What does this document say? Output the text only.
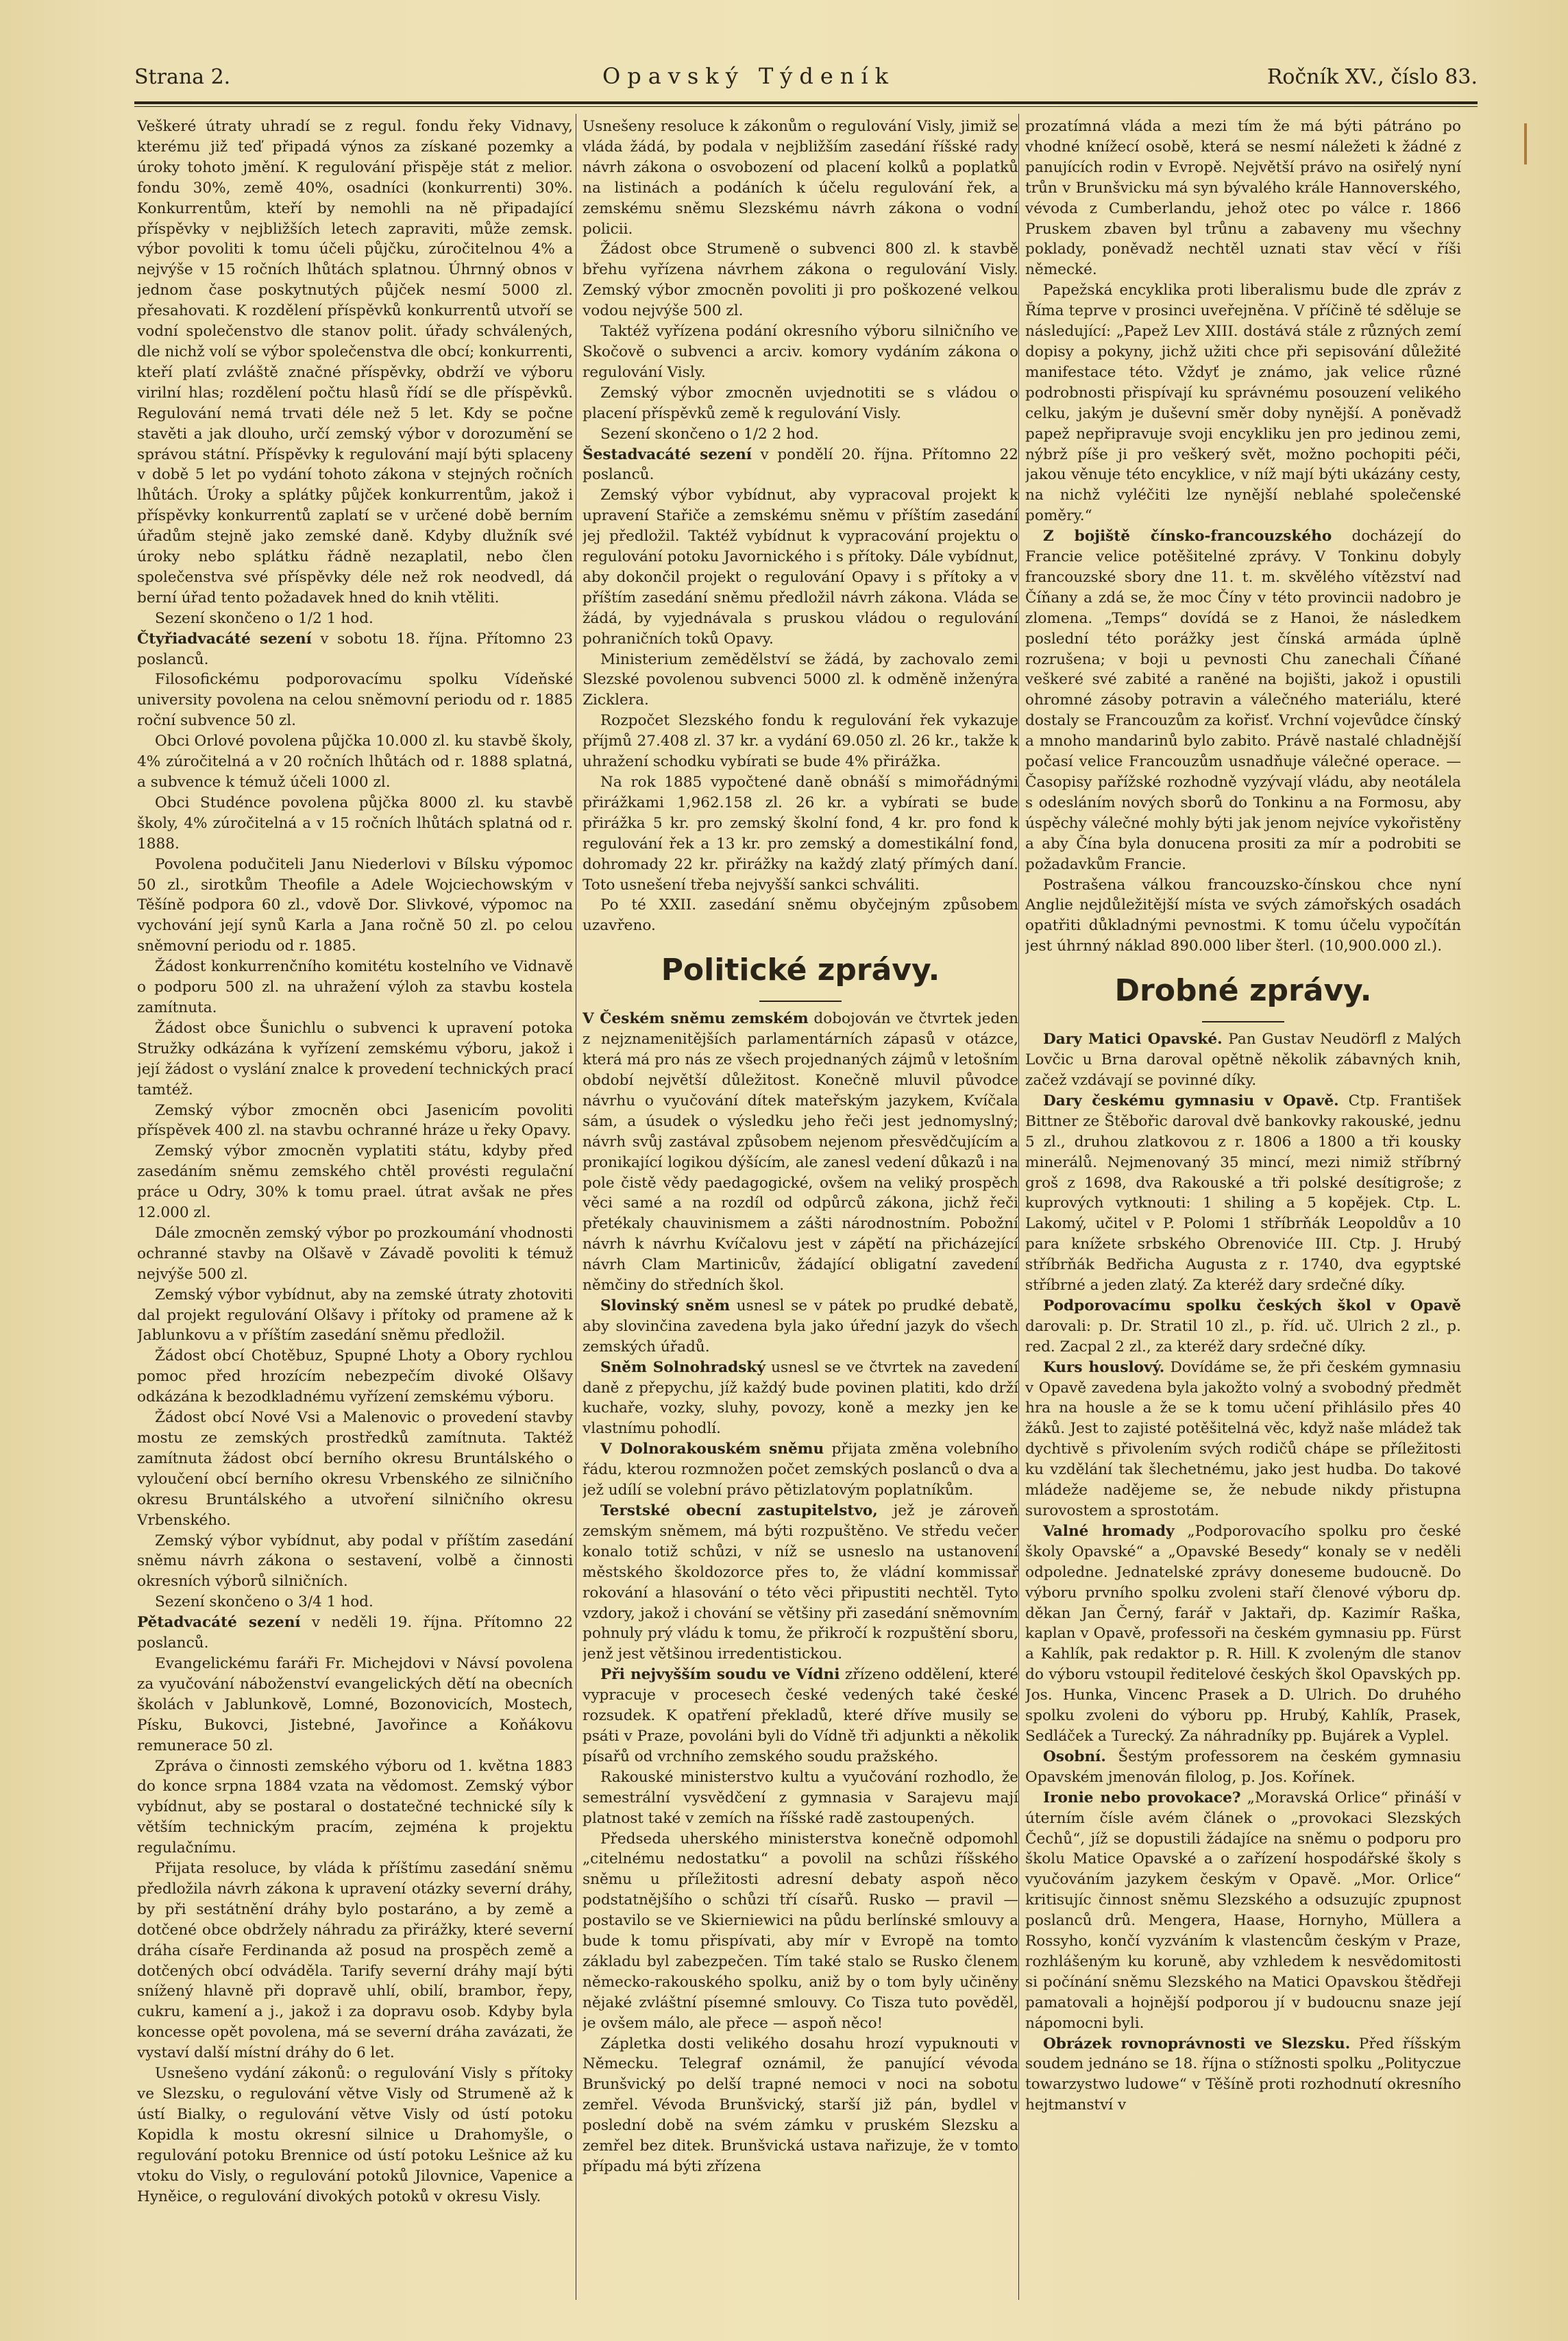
Strana 2.	Opavský Týdeník	Ročník XV., číslo 83.

Veškeré útraty uhradí se z regul. fondu řeky Vidnavy, kterému již teď připadá výnos za získané pozemky a úroky tohoto jmění. K regulování přispěje stát z melior. fondu 30%, země 40%, osadníci (konkurrenti) 30%. Konkurrentům, kteří by nemohli na ně připadající příspěvky v nejbližších letech zapraviti, může zemsk. výbor povoliti k tomu účeli půjčku, zúročitelnou 4% a nejvýše v 15 ročních lhůtách splatnou. Úhrnný obnos v jednom čase poskytnutých půjček nesmí 5000 zl. přesahovati. K rozdělení příspěvků konkurrentů utvoří se vodní společenstvo dle stanov polit. úřady schválených, dle nichž volí se výbor společenstva dle obcí; konkurrenti, kteří platí zvláště značné příspěvky, obdrží ve výboru virilní hlas; rozdělení počtu hlasů řídí se dle příspěvků. Regulování nemá trvati déle než 5 let. Kdy se počne stavěti a jak dlouho, určí zemský výbor v dorozumění se správou státní. Příspěvky k regulování mají býti splaceny v době 5 let po vydání tohoto zákona v stejných ročních lhůtách. Úroky a splátky půjček konkurrentům, jakož i příspěvky konkurrentů zaplatí se v určené době berním úřadům stejně jako zemské daně. Kdyby dlužník své úroky nebo splátku řádně nezaplatil, nebo člen společenstva své příspěvky déle než rok neodvedl, dá berní úřad tento požadavek hned do knih vtěliti.

Sezení skončeno o 1/2 1 hod.

Čtyřiadvacáté sezení v sobotu 18. října. Přítomno 23 poslanců.

Filosofickému podporovacímu spolku Vídeňské university povolena na celou sněmovní periodu od r. 1885 roční subvence 50 zl.

Obci Orlové povolena půjčka 10.000 zl. ku stavbě školy, 4% zúročitelná a v 20 ročních lhůtách od r. 1888 splatná, a subvence k témuž účeli 1000 zl.

Obci Studénce povolena půjčka 8000 zl. ku stavbě školy, 4% zúročitelná a v 15 ročních lhůtách splatná od r. 1888.

Povolena podučiteli Janu Niederlovi v Bílsku výpomoc 50 zl., sirotkům Theofile a Adele Wojciechowským v Těšíně podpora 60 zl., vdově Dor. Slivkové, výpomoc na vychování její synů Karla a Jana ročně 50 zl. po celou sněmovní periodu od r. 1885.

Žádost konkurrenčního komitétu kostelního ve Vidnavě o podporu 500 zl. na uhražení výloh za stavbu kostela zamítnuta.

Žádost obce Šunichlu o subvenci k upravení potoka Stružky odkázána k vyřízení zemskému výboru, jakož i její žádost o vyslání znalce k provedení technických prací tamtéž.

Zemský výbor zmocněn obci Jasenicím povoliti příspěvek 400 zl. na stavbu ochranné hráze u řeky Opavy.

Zemský výbor zmocněn vyplatiti státu, kdyby před zasedáním sněmu zemského chtěl provésti regulační práce u Odry, 30% k tomu prael. útrat avšak ne přes 12.000 zl.

Dále zmocněn zemský výbor po prozkoumání vhodnosti ochranné stavby na Olšavě v Závadě povoliti k témuž nejvýše 500 zl.

Zemský výbor vybídnut, aby na zemské útraty zhotoviti dal projekt regulování Olšavy i přítoky od pramene až k Jablunkovu a v příštím zasedání sněmu předložil.

Žádost obcí Chotěbuz, Spupné Lhoty a Obory rychlou pomoc před hrozícím nebezpečím divoké Olšavy odkázána k bezodkladnému vyřízení zemskému výboru.

Žádost obcí Nové Vsi a Malenovic o provedení stavby mostu ze zemských prostředků zamítnuta. Taktéž zamítnuta žádost obcí berního okresu Bruntálského o vyloučení obcí berního okresu Vrbenského ze silničního okresu Bruntálského a utvoření silničního okresu Vrbenského.

Zemský výbor vybídnut, aby podal v příštím zasedání sněmu návrh zákona o sestavení, volbě a činnosti okresních výborů silničních.

Sezení skončeno o 3/4 1 hod.

Pětadvacáté sezení v neděli 19. října. Přítomno 22 poslanců.

Evangelickému faráři Fr. Michejdovi v Návsí povolena za vyučování náboženství evangelických dětí na obecních školách v Jablunkově, Lomné, Bozonovicích, Mostech, Písku, Bukovci, Jistebné, Javořince a Koňákovu remunerace 50 zl.

Zpráva o činnosti zemského výboru od 1. května 1883 do konce srpna 1884 vzata na vědomost. Zemský výbor vybídnut, aby se postaral o dostatečné technické síly k větším technickým pracím, zejména k projektu regulačnímu.

Přijata resoluce, by vláda k příštímu zasedání sněmu předložila návrh zákona k upravení otázky severní dráhy, by při sestátnění dráhy bylo postaráno, a by země a dotčené obce obdržely náhradu za přirážky, které severní dráha císaře Ferdinanda až posud na prospěch země a dotčených obcí odváděla. Tarify severní dráhy mají býti snížený hlavně při dopravě uhlí, obilí, brambor, řepy, cukru, kamení a j., jakož i za dopravu osob. Kdyby byla koncesse opět povolena, má se severní dráha zavázati, že vystaví další místní dráhy do 6 let.

Usnešeno vydání zákonů: o regulování Visly s přítoky ve Slezsku, o regulování větve Visly od Strumeně až k ústí Bialky, o regulování větve Visly od ústí potoku Kopidla k mostu okresní silnice u Drahomyšle, o regulování potoku Brennice od ústí potoku Lešnice až ku vtoku do Visly, o regulování potoků Jilovnice, Vapenice a Hyněice, o regulování divokých potoků v okresu Visly.

Usnešeny resoluce k zákonům o regulování Visly, jimiž se vláda žádá, by podala v nejbližším zasedání říšské rady návrh zákona o osvobození od placení kolků a poplatků na listinách a podáních k účelu regulování řek, a zemskému sněmu Slezskému návrh zákona o vodní policii.

Žádost obce Strumeně o subvenci 800 zl. k stavbě břehu vyřízena návrhem zákona o regulování Visly. Zemský výbor zmocněn povoliti ji pro poškozené velkou vodou nejvýše 500 zl.

Taktéž vyřízena podání okresního výboru silničního ve Skočově o subvenci a arciv. komory vydáním zákona o regulování Visly.

Zemský výbor zmocněn uvjednotiti se s vládou o placení příspěvků země k regulování Visly.

Sezení skončeno o 1/2 2 hod.

Šestadvacáté sezení v pondělí 20. října. Přítomno 22 poslanců.

Zemský výbor vybídnut, aby vypracoval projekt k upravení Stařiče a zemskému sněmu v příštím zasedání jej předložil. Taktéž vybídnut k vypracování projektu o regulování potoku Javornického i s přítoky. Dále vybídnut, aby dokončil projekt o regulování Opavy i s přítoky a v příštím zasedání sněmu předložil návrh zákona. Vláda se žádá, by vyjednávala s pruskou vládou o regulování pohraničních toků Opavy.

Ministerium zemědělství se žádá, by zachovalo zemi Slezské povolenou subvenci 5000 zl. k odměně inženýra Zicklera.

Rozpočet Slezského fondu k regulování řek vykazuje příjmů 27.408 zl. 37 kr. a vydání 69.050 zl. 26 kr., takže k uhražení schodku vybírati se bude 4% přirážka.

Na rok 1885 vypočtené daně obnáší s mimořádnými přirážkami 1,962.158 zl. 26 kr. a vybírati se bude přirážka 5 kr. pro zemský školní fond, 4 kr. pro fond k regulování řek a 13 kr. pro zemský a domestikální fond, dohromady 22 kr. přirážky na každý zlatý přímých daní. Toto usnešení třeba nejvyšší sankci schváliti.

Po té XXII. zasedání sněmu obyčejným způsobem uzavřeno.

Politické zprávy.

V Českém sněmu zemském dobojován ve čtvrtek jeden z nejznamenitějších parlamentárních zápasů v otázce, která má pro nás ze všech projednaných zájmů v letošním období největší důležitost. Konečně mluvil původce návrhu o vyučování dítek mateřským jazykem, Kvíčala sám, a úsudek o výsledku jeho řeči jest jednomyslný; návrh svůj zastával způsobem nejenom přesvědčujícím a pronikající logikou dýšícím, ale zanesl vedení důkazů i na pole čistě vědy paedagogické, ovšem na veliký prospěch věci samé a na rozdíl od odpůrců zákona, jichž řeči přetékaly chauvinismem a zášti národnostním. Pobožní návrh k návrhu Kvíčalovu jest v zápětí na přicházející návrh Clam Martinicův, žádající obligatní zavedení němčiny do středních škol.

Slovinský sněm usnesl se v pátek po prudké debatě, aby slovinčina zavedena byla jako úřední jazyk do všech zemských úřadů.

Sněm Solnohradský usnesl se ve čtvrtek na zavedení daně z přepychu, jíž každý bude povinen platiti, kdo drží kuchaře, vozky, sluhy, povozy, koně a mezky jen ke vlastnímu pohodlí.

V Dolnorakouském sněmu přijata změna volebního řádu, kterou rozmnožen počet zemských poslanců o dva a jež udílí se volební právo pětizlatovým poplatníkům.

Terstské obecní zastupitelstvo, jež je zároveň zemským sněmem, má býti rozpuštěno. Ve středu večer konalo totiž schůzi, v níž se usneslo na ustanovení městského školdozorce přes to, že vládní kommissař rokování a hlasování o této věci připustiti nechtěl. Tyto vzdory, jakož i chování se většiny při zasedání sněmovním pohnuly prý vládu k tomu, že přikročí k rozpuštění sboru, jenž jest většinou irredentistickou.

Při nejvyšším soudu ve Vídni zřízeno oddělení, které vypracuje v procesech české vedených také české rozsudek. K opatření překladů, které dříve musily se psáti v Praze, povoláni byli do Vídně tři adjunkti a několik písařů od vrchního zemského soudu pražského.

Rakouské ministerstvo kultu a vyučování rozhodlo, že semestrální vysvědčení z gymnasia v Sarajevu mají platnost také v zemích na říšské radě zastoupených.

Předseda uherského ministerstva konečně odpomohl „citelnému nedostatku“ a povolil na schůzi říšského sněmu u příležitosti adresní debaty aspoň něco podstatnějšího o schůzi tří císařů. Rusko — pravil — postavilo se ve Skierniewici na půdu berlínské smlouvy a bude k tomu přispívati, aby mír v Evropě na tomto základu byl zabezpečen. Tím také stalo se Rusko členem německo-rakouského spolku, aniž by o tom byly učiněny nějaké zvláštní písemné smlouvy. Co Tisza tuto pověděl, je ovšem málo, ale přece — aspoň něco!

Zápletka dosti velikého dosahu hrozí vypuknouti v Německu. Telegraf oznámil, že panující vévoda Brunšvický po delší trapné nemoci v noci na sobotu zemřel. Vévoda Brunšvický, starší již pán, bydlel v poslední době na svém zámku v pruském Slezsku a zemřel bez ditek. Brunšvická ustava nařizuje, že v tomto případu má býti zřízena

prozatímná vláda a mezi tím že má býti pátráno po vhodné knížecí osobě, která se nesmí náležeti k žádné z panujících rodin v Evropě. Největší právo na osiřelý nyní trůn v Brunšvicku má syn bývalého krále Hannoverského, vévoda z Cumberlandu, jehož otec po válce r. 1866 Pruskem zbaven byl trůnu a zabaveny mu všechny poklady, poněvadž nechtěl uznati stav věcí v říši německé.

Papežská encyklika proti liberalismu bude dle zpráv z Říma teprve v prosinci uveřejněna. V příčině té sděluje se následující: „Papež Lev XIII. dostává stále z různých zemí dopisy a pokyny, jichž užiti chce při sepisování důležité manifestace této. Vždyť je známo, jak velice různé podrobnosti přispívají ku správnému posouzení velikého celku, jakým je duševní směr doby nynější. A poněvadž papež nepřipravuje svoji encykliku jen pro jedinou zemi, nýbrž píše ji pro veškerý svět, možno pochopiti péči, jakou věnuje této encyklice, v níž mají býti ukázány cesty, na nichž vyléčiti lze nynější neblahé společenské poměry.“

Z bojiště čínsko-francouzského docházejí do Francie velice potěšitelné zprávy. V Tonkinu dobyly francouzské sbory dne 11. t. m. skvělého vítězství nad Číňany a zdá se, že moc Číny v této provincii nadobro je zlomena. „Temps“ dovídá se z Hanoi, že následkem poslední této porážky jest čínská armáda úplně rozrušena; v boji u pevnosti Chu zanechali Číňané veškeré své zabité a raněné na bojišti, jakož i opustili ohromné zásoby potravin a válečného materiálu, které dostaly se Francouzům za kořisť. Vrchní vojevůdce čínský a mnoho mandarinů bylo zabito. Právě nastalé chladnější počasí velice Francouzům usnadňuje válečné operace. — Časopisy pařížské rozhodně vyzývají vládu, aby neotálela s odesláním nových sborů do Tonkinu a na Formosu, aby úspěchy válečné mohly býti jak jenom nejvíce vykořistěny a aby Čína byla donucena prositi za mír a podrobiti se požadavkům Francie.

Postrašena válkou francouzsko-čínskou chce nyní Anglie nejdůležitější místa ve svých zámořských osadách opatřiti důkladnými pevnostmi. K tomu účelu vypočítán jest úhrnný náklad 890.000 liber šterl. (10,900.000 zl.).

Drobné zprávy.

Dary Matici Opavské. Pan Gustav Neudörfl z Malých Lovčic u Brna daroval opětně několik zábavných knih, začež vzdávají se povinné díky.

Dary českému gymnasiu v Opavě. Ctp. František Bittner ze Štěbořic daroval dvě bankovky rakouské, jednu 5 zl., druhou zlatkovou z r. 1806 a 1800 a tři kousky minerálů. Nejmenovaný 35 mincí, mezi nimiž stříbrný groš z 1698, dva Rakouské a tři polské desítigroše; z kuprových vytknouti: 1 shiling a 5 kopějek. Ctp. L. Lakomý, učitel v P. Polomi 1 stříbrňák Leopoldův a 10 para knížete srbského Obrenoviće III. Ctp. J. Hrubý stříbrňák Bedřicha Augusta z r. 1740, dva egyptské stříbrné a jeden zlatý. Za kteréž dary srdečné díky.

Podporovacímu spolku českých škol v Opavě darovali: p. Dr. Stratil 10 zl., p. říd. uč. Ulrich 2 zl., p. red. Zacpal 2 zl., za kteréž dary srdečné díky.

Kurs houslový. Dovídáme se, že při českém gymnasiu v Opavě zavedena byla jakožto volný a svobodný předmět hra na housle a že se k tomu učení přihlásilo přes 40 žáků. Jest to zajisté potěšitelná věc, když naše mládež tak dychtivě s přivolením svých rodičů chápe se příležitosti ku vzdělání tak šlechetnému, jako jest hudba. Do takové mládeže nadějeme se, že nebude nikdy přistupna surovostem a sprostotám.

Valné hromady „Podporovacího spolku pro české školy Opavské“ a „Opavské Besedy“ konaly se v neděli odpoledne. Jednatelské zprávy doneseme budoucně. Do výboru prvního spolku zvoleni staří členové výboru dp. děkan Jan Černý, farář v Jaktaři, dp. Kazimír Raška, kaplan v Opavě, professoři na českém gymnasiu pp. Fürst a Kahlík, pak redaktor p. R. Hill. K zvoleným dle stanov do výboru vstoupil ředitelové českých škol Opavských pp. Jos. Hunka, Vincenc Prasek a D. Ulrich. Do druhého spolku zvoleni do výboru pp. Hrubý, Kahlík, Prasek, Sedláček a Turecký. Za náhradníky pp. Bujárek a Vyplel.

Osobní. Šestým professorem na českém gymnasiu Opavském jmenován filolog, p. Jos. Kořínek.

Ironie nebo provokace? „Moravská Orlice“ přináší v úterním čísle avém článek o „provokaci Slezských Čechů“, jíž se dopustili žádajíce na sněmu o podporu pro školu Matice Opavské a o zařízení hospodářské školy s vyučováním jazykem českým v Opavě. „Mor. Orlice“ kritisujíc činnost sněmu Slezského a odsuzujíc zpupnost poslanců drů. Mengera, Haase, Hornyho, Müllera a Rossyho, končí vyzváním k vlastencům českým v Praze, rozhlášeným ku koruně, aby vzhledem k nesvědomitosti si počínání sněmu Slezského na Matici Opavskou štědřeji pamatovali a hojnější podporou jí v budoucnu snaze její nápomocni byli.

Obrázek rovnoprávnosti ve Slezsku. Před říšským soudem jednáno se 18. října o stížnosti spolku „Polityczue towarzystwo ludowe“ v Těšíně proti rozhodnutí okresního hejtmanství v
